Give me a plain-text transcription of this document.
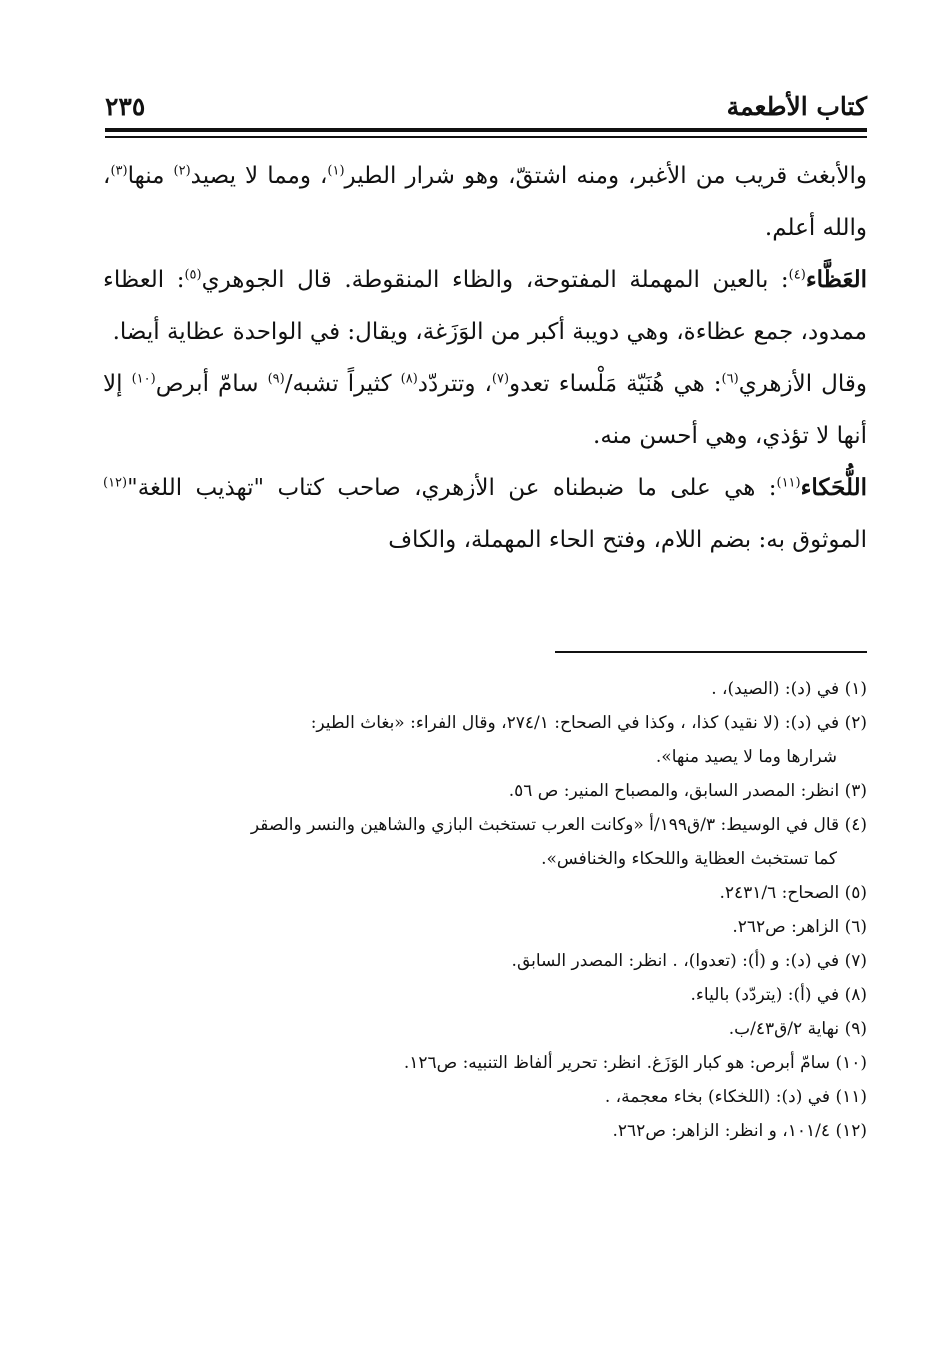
كتاب الأطعمة
٢٣٥

والأبغث قريب من الأغبر، ومنه اشتقّ، وهو شرار الطير$^{(١)}$، ومما لا يصيد$^{(٢)}$ منها$^{(٣)}$، والله أعلم.

العَظَّاء$^{(٤)}$: بالعين المهملة المفتوحة، والظاء المنقوطة. قال الجوهري$^{(٥)}$: العظاء ممدود، جمع عظاءة، وهي دويبة أكبر من الوَزَغة، ويقال: في الواحدة عظاية أيضا.

وقال الأزهري$^{(٦)}$: هي هُنَيّة مَلْساء تعدو$^{(٧)}$، وتتردّد$^{(٨)}$ كثيراً تشبه/$^{(٩)}$ سامّ أبرص$^{(١٠)}$ إلا أنها لا تؤذي، وهي أحسن منه.

اللُّحَكاء$^{(١١)}$: هي على ما ضبطناه عن الأزهري، صاحب كتاب "تهذيب اللغة"$^{(١٢)}$ الموثوق به: بضم اللام، وفتح الحاء المهملة، والكاف

(١) في (د): (الصيد)، .

(٢) في (د): (لا نقيد) كذا، ، وكذا في الصحاح: ٢٧٤/١، وقال الفراء: «بغاث الطير:

شرارها وما لا يصيد منها».

(٣) انظر: المصدر السابق، والمصباح المنير: ص ٥٦.

(٤) قال في الوسيط: ٣/ق١٩٩/أ «وكانت العرب تستخبث البازي والشاهين والنسر والصقر

كما تستخبث العظاية واللحكاء والخنافس».

(٥) الصحاح: ٢٤٣١/٦.

(٦) الزاهر: ص٢٦٢.

(٧) في (د): و (أ): (تعدوا)، . انظر: المصدر السابق.

(٨) في (أ): (يتردّد) بالياء.

(٩) نهاية ٢/ق٤٣/ب.

(١٠) سامّ أبرص: هو كبار الوَزَغ. انظر: تحرير ألفاظ التنبيه: ص١٢٦.

(١١) في (د): (اللخكاء) بخاء معجمة، .

(١٢) ١٠١/٤، و انظر: الزاهر: ص٢٦٢.
